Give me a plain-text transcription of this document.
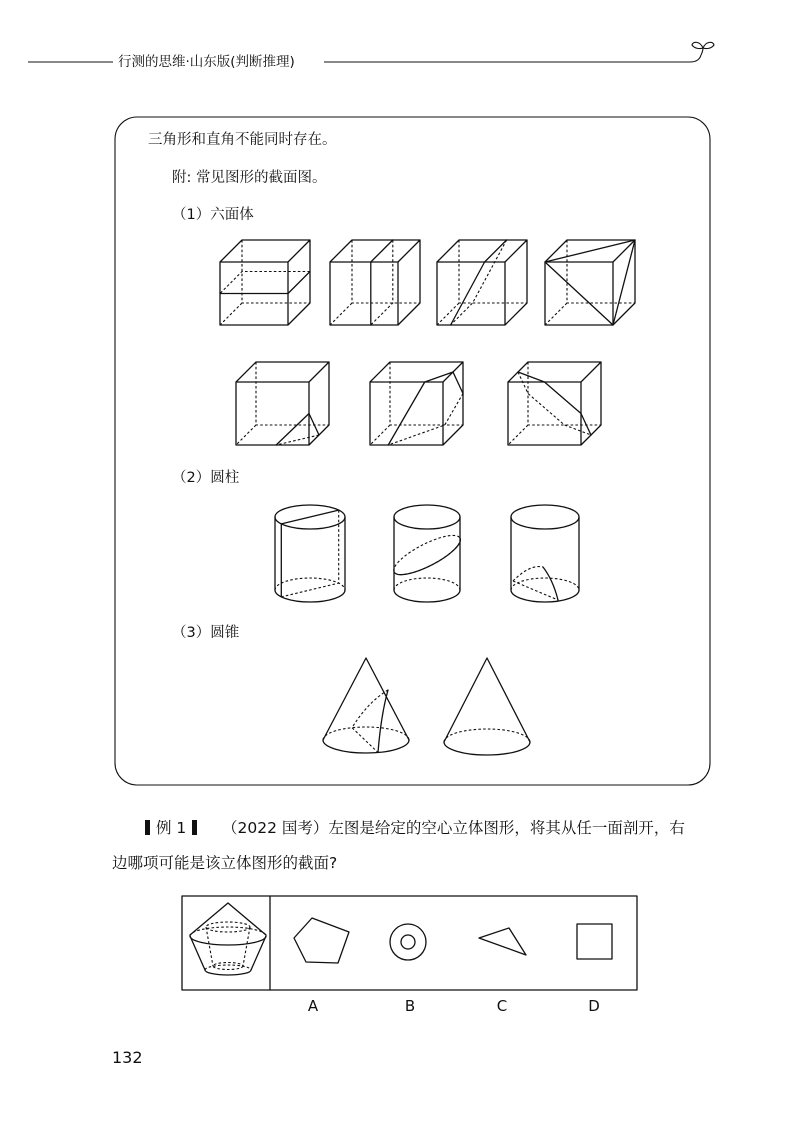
行测的思维·山东版(判断推理)
三角形和直角不能同时存在。
附: 常见图形的截面图。
（1）六面体
（2）圆柱
（3）圆锥
例 1	（2022 国考）左图是给定的空心立体图形，将其从任一面剖开，右
边哪项可能是该立体图形的截面?
A	B	C	D
132
